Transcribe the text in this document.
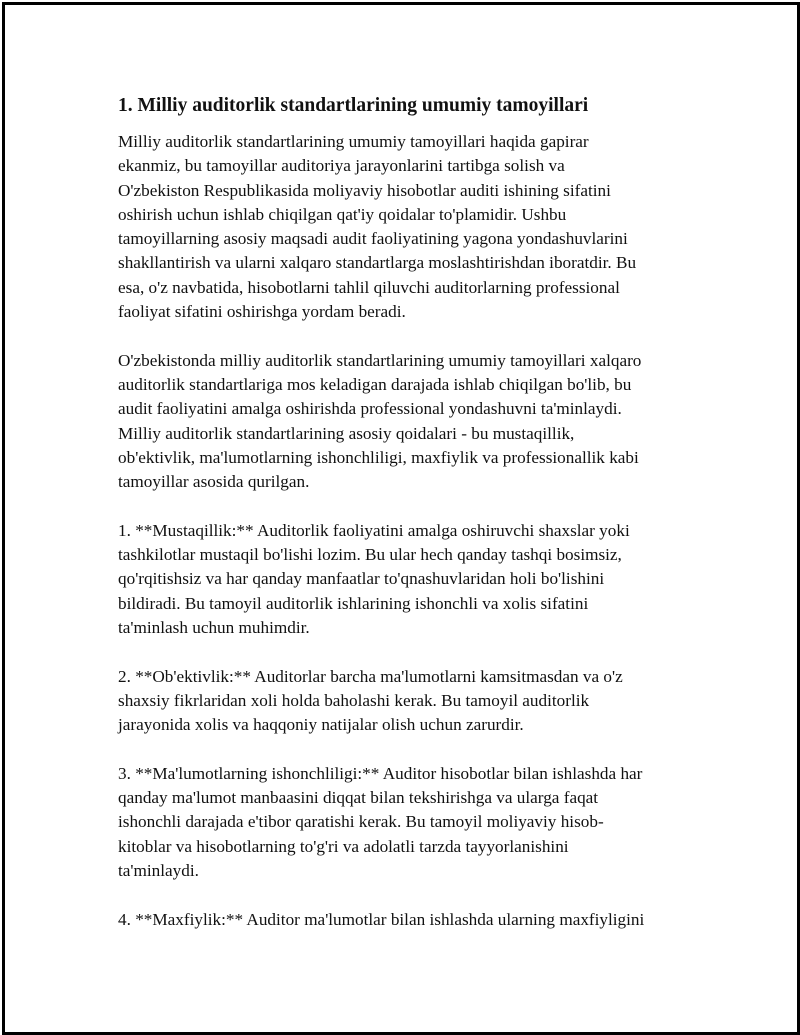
1. Milliy auditorlik standartlarining umumiy tamoyillari
Milliy auditorlik standartlarining umumiy tamoyillari haqida gapirar
ekanmiz, bu tamoyillar auditoriya jarayonlarini tartibga solish va
O'zbekiston Respublikasida moliyaviy hisobotlar auditi ishining sifatini
oshirish uchun ishlab chiqilgan qat'iy qoidalar to'plamidir. Ushbu
tamoyillarning asosiy maqsadi audit faoliyatining yagona yondashuvlarini
shakllantirish va ularni xalqaro standartlarga moslashtirishdan iboratdir. Bu
esa, o'z navbatida, hisobotlarni tahlil qiluvchi auditorlarning professional
faoliyat sifatini oshirishga yordam beradi.
O'zbekistonda milliy auditorlik standartlarining umumiy tamoyillari xalqaro
auditorlik standartlariga mos keladigan darajada ishlab chiqilgan bo'lib, bu
audit faoliyatini amalga oshirishda professional yondashuvni ta'minlaydi.
Milliy auditorlik standartlarining asosiy qoidalari - bu mustaqillik,
ob'ektivlik, ma'lumotlarning ishonchliligi, maxfiylik va professionallik kabi
tamoyillar asosida qurilgan.
1. **Mustaqillik:** Auditorlik faoliyatini amalga oshiruvchi shaxslar yoki
tashkilotlar mustaqil bo'lishi lozim. Bu ular hech qanday tashqi bosimsiz,
qo'rqitishsiz va har qanday manfaatlar to'qnashuvlaridan holi bo'lishini
bildiradi. Bu tamoyil auditorlik ishlarining ishonchli va xolis sifatini
ta'minlash uchun muhimdir.
2. **Ob'ektivlik:** Auditorlar barcha ma'lumotlarni kamsitmasdan va o'z
shaxsiy fikrlaridan xoli holda baholashi kerak. Bu tamoyil auditorlik
jarayonida xolis va haqqoniy natijalar olish uchun zarurdir.
3. **Ma'lumotlarning ishonchliligi:** Auditor hisobotlar bilan ishlashda har
qanday ma'lumot manbaasini diqqat bilan tekshirishga va ularga faqat
ishonchli darajada e'tibor qaratishi kerak. Bu tamoyil moliyaviy hisob-
kitoblar va hisobotlarning to'g'ri va adolatli tarzda tayyorlanishini
ta'minlaydi.
4. **Maxfiylik:** Auditor ma'lumotlar bilan ishlashda ularning maxfiyligini
